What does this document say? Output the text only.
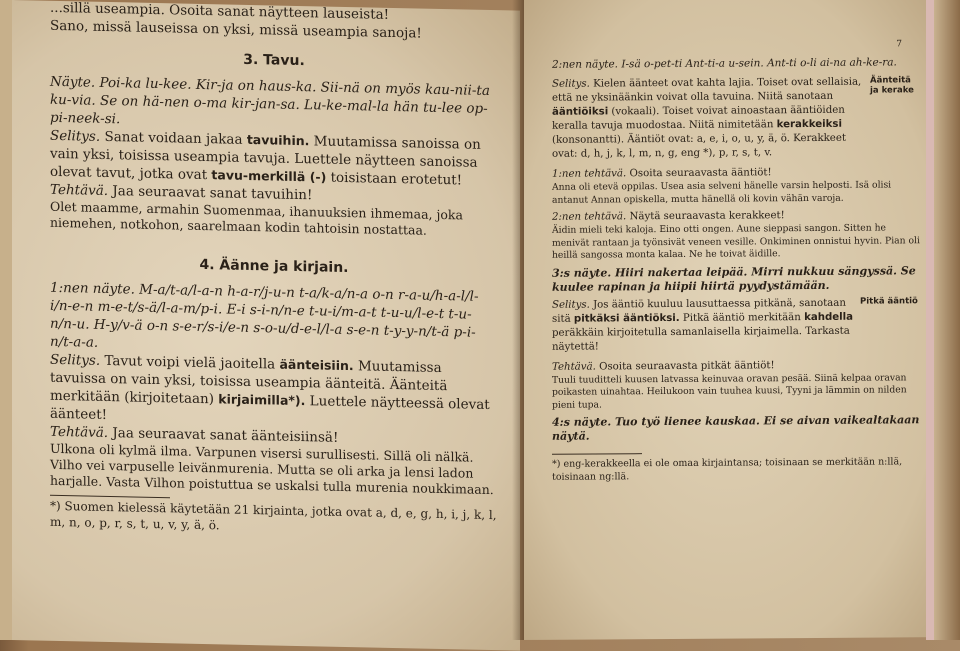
...sillä useampia. Osoita sanat näytteen lauseista!

Sano, missä lauseissa on yksi, missä useampia sanoja!

3. Tavu.

Näyte. Poi-ka lu-kee. Kir-ja on haus-ka. Sii-nä on myös kau-nii-ta ku-via. Se on hä-nen o-ma kir-jan-sa. Lu-ke-mal-la hän tu-lee op-pi-neek-si.

Selitys. Sanat voidaan jakaa tavuihin. Muutamissa sanoissa on vain yksi, toisissa useampia tavuja. Luettele näytteen sanoissa olevat tavut, jotka ovat tavu-merkillä (-) toisistaan erotetut!

Tehtävä. Jaa seuraavat sanat tavuihin!

Olet maamme, armahin Suomenmaa, ihanuuksien ihmemaa, joka niemehen, notkohon, saarelmaan kodin tahtoisin nostattaa.

4. Äänne ja kirjain.

1:nen näyte. M-a/t-a/l-a-n h-a-r/j-u-n t-a/k-a/n-a o-n r-a-u/h-a-l/l-i/n-e-n m-e-t/s-ä/l-a-m/p-i. E-i s-i-n/n-e t-u-i/m-a-t t-u-u/l-e-t t-u-n/n-u. H-y/v-ä o-n s-e-r/s-i/e-n s-o-u/d-e-l/l-a s-e-n t-y-y-n/t-ä p-i-n/t-a-a.

Selitys. Tavut voipi vielä jaoitella äänteisiin. Muutamissa tavuissa on vain yksi, toisissa useampia äänteitä. Äänteitä merkitään (kirjoitetaan) kirjaimilla*). Luettele näytteessä olevat äänteet!

Tehtävä. Jaa seuraavat sanat äänteisiinsä!

Ulkona oli kylmä ilma. Varpunen visersi surullisesti. Sillä oli nälkä. Vilho vei varpuselle leivänmurenia. Mutta se oli arka ja lensi ladon harjalle. Vasta Vilhon poistuttua se uskalsi tulla murenia noukkimaan.

*) Suomen kielessä käytetään 21 kirjainta, jotka ovat a, d, e, g, h, i, j, k, l, m, n, o, p, r, s, t, u, v, y, ä, ö.

7

2:nen näyte. I-sä o-pet-ti Ant-ti-a u-sein. Ant-ti o-li ai-na ah-ke-ra.

Äänteitä ja kerake

Selitys. Kielen äänteet ovat kahta lajia. Toiset ovat sellaisia, että ne yksinäänkin voivat olla tavuina. Niitä sanotaan ääntiöiksi (vokaali). Toiset voivat ainoastaan ääntiöiden keralla tavuja muodostaa. Niitä nimitetään kerakkeiksi (konsonantti). Ääntiöt ovat: a, e, i, o, u, y, ä, ö. Kerakkeet ovat: d, h, j, k, l, m, n, g, eng *), p, r, s, t, v.

1:nen tehtävä. Osoita seuraavasta ääntiöt!

Anna oli etevä oppilas. Usea asia selveni hänelle varsin helposti. Isä olisi antanut Annan opiskella, mutta hänellä oli kovin vähän varoja.

2:nen tehtävä. Näytä seuraavasta kerakkeet!

Äidin mieli teki kaloja. Eino otti ongen. Aune sieppasi sangon. Sitten he menivät rantaan ja työnsivät veneen vesille. Onkiminen onnistui hyvin. Pian oli heillä sangossa monta kalaa. Ne he toivat äidille.

3:s näyte. Hiiri nakertaa leipää. Mirri nukkuu sängyssä. Se kuulee rapinan ja hiipii hiirtä pyydystämään.

Pitkä ääntiö

Selitys. Jos ääntiö kuuluu lausuttaessa pitkänä, sanotaan sitä pitkäksi ääntiöksi. Pitkä ääntiö merkitään kahdella peräkkäin kirjoitetulla samanlaisella kirjaimella. Tarkasta näytettä!

Tehtävä. Osoita seuraavasta pitkät ääntiöt!

Tuuli tuuditteli kuusen latvassa keinuvaa oravan pesää. Siinä kelpaa oravan poikasten uinahtaa. Heilukoon vain tuuhea kuusi, Tyyni ja lämmin on nilden pieni tupa.

4:s näyte. Tuo työ lienee kauskaa. Ei se aivan vaikealtakaan näytä.

*) eng-kerakkeella ei ole omaa kirjaintansa; toisinaan se merkitään n:llä, toisinaan ng:llä.
